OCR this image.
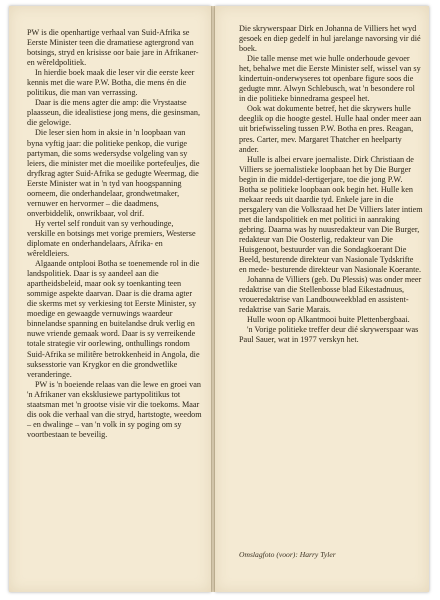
PW is die openhartige verhaal van Suid-Afrika se Eerste Minister teen die dramatiese agtergrond van botsings, stryd en krisisse oor baie jare in Afrikaner- en wêreldpolitiek.

In hierdie boek maak die leser vir die eerste keer kennis met die ware P.W. Botha, die mens én die politikus, die man van verrassing.

Daar is die mens agter die amp: die Vrystaatse plaasseun, die idealistiese jong mens, die gesinsman, die gelowige.

Die leser sien hom in aksie in 'n loopbaan van byna vyftig jaar: die politieke penkop, die vurige partyman, die soms wedersydse volgeling van sy leiers, die minister met die moeilike portefeuljes, die dryfkrag agter Suid-Afrika se gedugte Weermag, die Eerste Minister wat in 'n tyd van hoogspanning oorneem, die onderhandelaar, grondwetmaker, vernuwer en hervormer – die daadmens, onverbiddelik, onwrikbaar, vol drif.

Hy vertel self ronduit van sy verhoudinge, verskille en botsings met vorige premiers, Westerse diplomate en onderhandelaars, Afrika- en wêreldleiers.

Algaande ontplooi Botha se toenemende rol in die landspolitiek. Daar is sy aandeel aan die apartheidsbeleid, maar ook sy toenkanting teen sommige aspekte daarvan. Daar is die drama agter die skerms met sy verkiesing tot Eerste Minister, sy moedige en gewaagde vernuwings waardeur binnelandse spanning en buitelandse druk verlig en nuwe vriende gemaak word. Daar is sy verreikende totale strategie vir oorlewing, onthullings rondom Suid-Afrika se militêre betrokkenheid in Angola, die suksesstorie van Krygkor en die grondwetlike veranderinge.

PW is 'n boeiende relaas van die lewe en groei van 'n Afrikaner van eksklusiewe partypolitikus tot staatsman met 'n grootse visie vir die toekoms. Maar dis ook die verhaal van die stryd, hartstogte, weedom – en dwalinge – van 'n volk in sy poging om sy voortbestaan te beveilig.

Die skrywerspaar Dirk en Johanna de Villiers het wyd gesoek en diep gedelf in hul jarelange navorsing vir dié boek.

Die talle mense met wie hulle onderhoude gevoer het, behalwe met die Eerste Minister self, wissel van sy kindertuin-onderwyseres tot openbare figure soos die gedugte mnr. Alwyn Schlebusch, wat 'n besondere rol in die politieke binnedrama gespeel het.

Ook wat dokumente betref, het die skrywers hulle deeglik op die hoogte gestel. Hulle haal onder meer aan uit briefwisseling tussen P.W. Botha en pres. Reagan, pres. Carter, mev. Margaret Thatcher en heelparty ander.

Hulle is albei ervare joernaliste. Dirk Christiaan de Villiers se joernalistieke loopbaan het by Die Burger begin in die middel-dertigerjare, toe die jong P.W. Botha se politieke loopbaan ook begin het. Hulle ken mekaar reeds uit daardie tyd. Enkele jare in die persgalery van die Volksraad het De Villiers later intiem met die landspolitiek en met politici in aanraking gebring. Daarna was hy nuusredakteur van Die Burger, redakteur van Die Oosterlig, redakteur van Die Huisgenoot, bestuurder van die Sondagkoerant Die Beeld, besturende direkteur van Nasionale Tydskrifte en mede- besturende direkteur van Nasionale Koerante.

Johanna de Villiers (geb. Du Plessis) was onder meer redaktrise van die Stellenbosse blad Eikestadnuus, vroueredaktrise van Landbouweekblad en assistent-redaktrise van Sarie Marais.

Hulle woon op Alkantmooi buite Plettenbergbaai.

'n Vorige politieke treffer deur dié skrywerspaar was Paul Sauer, wat in 1977 verskyn het.

Omslagfoto (voor): Harry Tyler
